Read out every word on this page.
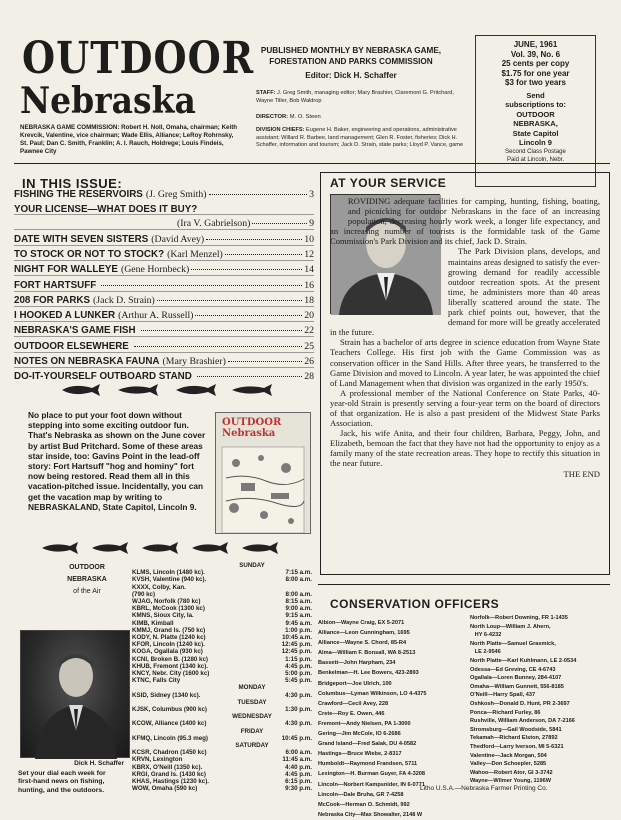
OUTDOOR
Nebraska
NEBRASKA GAME COMMISSION: Robert H. Noll, Omaha, chairman; Keith Krevcik, Valentine, vice chairman; Wade Ellis, Alliance; LeRoy Rohrnsky, St. Paul; Dan C. Smith, Franklin; A. I. Rauch, Holdrege; Louis Findeis, Pawnee City
PUBLISHED MONTHLY BY NEBRASKA GAME, FORESTATION AND PARKS COMMISSION
Editor: Dick H. Schaffer
STAFF: J. Greg Smith, managing editor; Mary Brashier, Claremont G. Pritchard, Wayne Tiller, Bob Waldrop
DIRECTOR: M. O. Steen
DIVISION CHIEFS: Eugene H. Baker, engineering and operations, administrative assistant; Willard R. Barbee, land management; Glen R. Foster, fisheries; Dick H. Schaffer, information and tourism; Jack D. Strain, state parks; Lloyd P. Vance, game
JUNE, 1961
Vol. 39, No. 6
25 cents per copy
$1.75 for one year
$3 for two years
Send
subscriptions to:
OUTDOOR
NEBRASKA,
State Capitol
Lincoln 9
Second Class Postage
Paid at Lincoln, Nebr.
IN THIS ISSUE:
FISHING THE RESERVOIRS (J. Greg Smith)	3
YOUR LICENSE—WHAT DOES IT BUY?
(Ira V. Gabrielson)	9
DATE WITH SEVEN SISTERS (David Avey)	10
TO STOCK OR NOT TO STOCK? (Karl Menzel)	12
NIGHT FOR WALLEYE (Gene Hornbeck)	14
FORT HARTSUFF	16
208 FOR PARKS (Jack D. Strain)	18
I HOOKED A LUNKER (Arthur A. Russell)	20
NEBRASKA'S GAME FISH	22
OUTDOOR ELSEWHERE	25
NOTES ON NEBRASKA FAUNA (Mary Brashier)	26
DO-IT-YOURSELF OUTBOARD STAND	28
No place to put your foot down without stepping into some exciting outdoor fun. That's Nebraska as shown on the June cover by artist Bud Pritchard. Some of these areas star inside, too: Gavins Point in the lead-off story: Fort Hartsuff "hog and hominy" fort now being restored. Read them all in this vacation-pitched issue. Incidentally, you can get the vacation map by writing to NEBRASKALAND, State Capitol, Lincoln 9.
OUTDOOR Nebraska
OUTDOOR
NEBRASKA
of the Air
Dick H. Schaffer
Set your dial each week for first-hand news on fishing, hunting, and the outdoors.
SUNDAY
KLMS, Lincoln (1480 kc).	7:15 a.m.
KVSH, Valentine (940 kc).	8:00 a.m.
KXXX, Colby, Kan.
(790 kc)	8:00 a.m.
WJAG, Norfolk (780 kc)	8:15 a.m.
KBRL, McCook (1300 kc)	9:00 a.m.
KMNS, Sioux City, Ia.	9:15 a.m.
KIMB, Kimball	9:45 a.m.
KMMJ, Grand Is. (750 kc)	1:00 p.m.
KODY, N. Platte (1240 kc)	10:45 a.m.
KFOR, Lincoln (1240 kc).	12:45 p.m.
KOGA, Ogallala (930 kc)	12:45 p.m.
KCNI, Broken B. (1280 kc)	1:15 p.m.
KHUB, Fremont (1340 kc).	4:45 p.m.
KNCY, Nebr. City (1600 kc)	5:00 p.m.
KTNC, Falls City	5:45 p.m.
MONDAY
KSID, Sidney (1340 kc).	4:30 p.m.
TUESDAY
KJSK, Columbus (900 kc)	1:30 p.m.
WEDNESDAY
KCOW, Alliance (1400 kc)	4:30 p.m.
FRIDAY
KFMQ, Lincoln (95.3 meg)	10:45 p.m.
SATURDAY
KCSR, Chadron (1450 kc)	6:00 a.m.
KRVN, Lexington	11:45 a.m.
KBRX, O'Neill (1350 kc).	4:40 p.m.
KRGI, Grand Is. (1430 kc)	4:45 p.m.
KHAS, Hastings (1230 kc).	6:15 p.m.
WOW, Omaha (590 kc)	9:30 p.m.
AT YOUR SERVICE

ROVIDING adequate facilities for camping, hunting, fishing, boating, and picnicking for outdoor Nebraskans in the face of an increasing population, decreasing hourly work week, a longer life expectancy, and an increasing number of tourists is the formidable task of the Game Commission's Park Division and its chief, Jack D. Strain.

The Park Division plans, develops, and maintains areas designed to satisfy the ever-growing demand for readily accessible outdoor recreation spots. At the present time, he administers more than 40 areas liberally scattered around the state. The park chief points out, however, that the demand for more will be greatly accelerated in the future.

Strain has a bachelor of arts degree in science education from Wayne State Teachers College. His first job with the Game Commission was as conservation officer in the Sand Hills. After three years, he transferred to the Game Division and moved to Lincoln. A year later, he was appointed the chief of Land Management when that division was organized in the early 1950's.

A professional member of the National Conference on State Parks, 40-year-old Strain is presently serving a four-year term on the board of directors of that organization. He is also a past president of the Midwest State Parks Association.

Jack, his wife Anita, and their four children, Barbara, Peggy, John, and Elizabeth, bemoan the fact that they have not had the opportunity to enjoy as a family many of the state recreation areas. They hope to rectify this situation in the near future.

THE END
CONSERVATION OFFICERS
Albion—Wayne Craig, EX 5-2071
Alliance—Leon Cunningham, 1695
Alliance—Wayne S. Chord, 85-R4
Alma—William F. Bonsall, WA 8-2513
Bassett—John Harpham, 234
Benkelman—H. Lee Bowers, 423-2893
Bridgeport—Joe Ulrich, 100
Columbus—Lyman Wilkinson, LO 4-4375
Crawford—Cecil Avey, 228
Crete—Roy E. Owen, 446
Fremont—Andy Nielsen, PA 1-3000
Gering—Jim McCole, IO 6-2686
Grand Island—Fred Salak, DU 4-0582
Hastings—Bruce Wiebe, 2-8317
Humboldt—Raymond Frandsen, 5711
Lexington—H. Burman Guyer, FA 4-3208
Lincoln—Norbert Kampsnider, IN 6-0771
Lincoln—Dale Bruha, GR 7-4258
McCook—Herman O. Schmidt, 992
Nebraska City—Max Showalter, 2148 W
Norfolk—Robert Downing, FR 1-1435
North Loup—William J. Ahern,
HY 6-4232
North Platte—Samuel Grasmick,
LE 2-9546
North Platte—Karl Kuhlmann, LE 2-0534
Odessa—Ed Greving, CE 4-6743
Ogallala—Loren Bunney, 284-4107
Omaha—William Gunnett, 556-8185
O'Neill—Harry Spall, 437
Oshkosh—Donald D. Hunt, PR 2-3697
Ponca—Richard Furley, 86
Rushville, William Anderson, DA 7-2166
Stromsburg—Gail Woodside, 5841
Tekamah—Richard Elston, 27892
Thedford—Larry Iverson, MI 5-6321
Valentine—Jack Morgan, 504
Valley—Don Schoepler, 5285
Wahoo—Robert Ator, GI 3-3742
Wayne—Wilmer Young, 1196W
Litho U.S.A.—Nebraska Farmer Printing Co.
